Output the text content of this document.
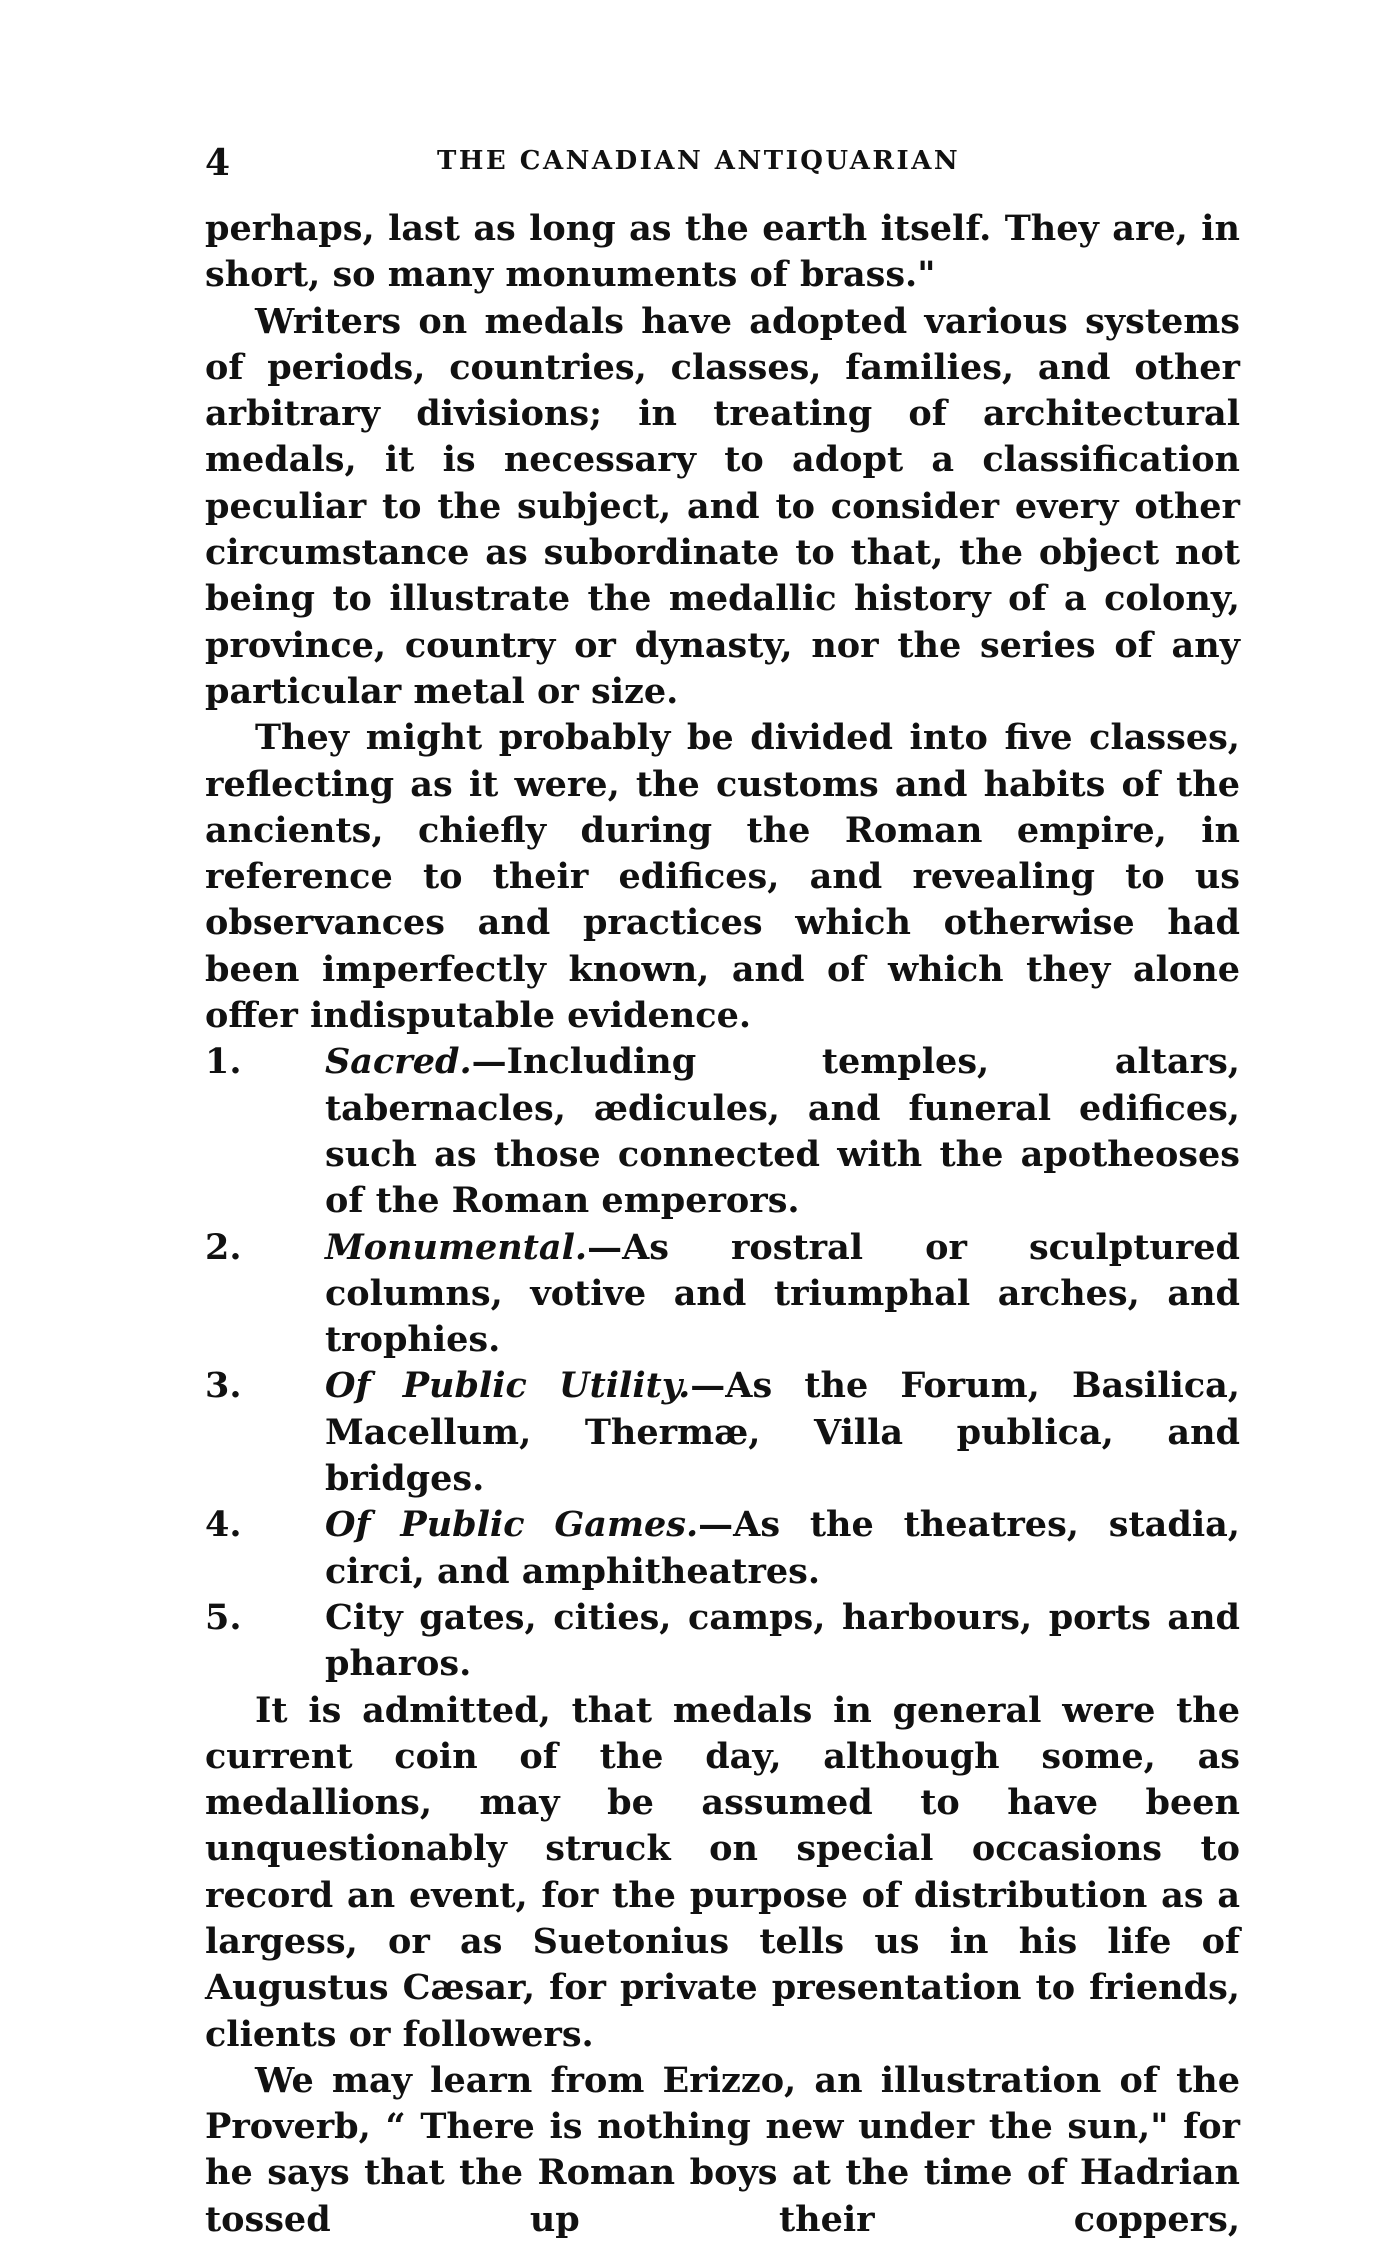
4	THE CANADIAN ANTIQUARIAN

perhaps, last as long as the earth itself. They are, in short, so many monuments of brass."

Writers on medals have adopted various systems of periods, countries, classes, families, and other arbitrary divisions; in treating of architectural medals, it is necessary to adopt a classification peculiar to the subject, and to consider every other circumstance as subordinate to that, the object not being to illustrate the medallic history of a colony, province, country or dynasty, nor the series of any particular metal or size.

They might probably be divided into five classes, reflecting as it were, the customs and habits of the ancients, chiefly during the Roman empire, in reference to their edifices, and revealing to us observances and practices which otherwise had been imperfectly known, and of which they alone offer indisputable evidence.

1. Sacred.—Including temples, altars, tabernacles, ædicules, and funeral edifices, such as those connected with the apotheoses of the Roman emperors.
2. Monumental.—As rostral or sculptured columns, votive and triumphal arches, and trophies.
3. Of Public Utility.—As the Forum, Basilica, Macellum, Thermæ, Villa publica, and bridges.
4. Of Public Games.—As the theatres, stadia, circi, and amphitheatres.
5. City gates, cities, camps, harbours, ports and pharos.

It is admitted, that medals in general were the current coin of the day, although some, as medallions, may be assumed to have been unquestionably struck on special occasions to record an event, for the purpose of distribution as a largess, or as Suetonius tells us in his life of Augustus Cæsar, for private presentation to friends, clients or followers.

We may learn from Erizzo, an illustration of the Proverb, “ There is nothing new under the sun," for he says that the Roman boys at the time of Hadrian tossed up their coppers,
